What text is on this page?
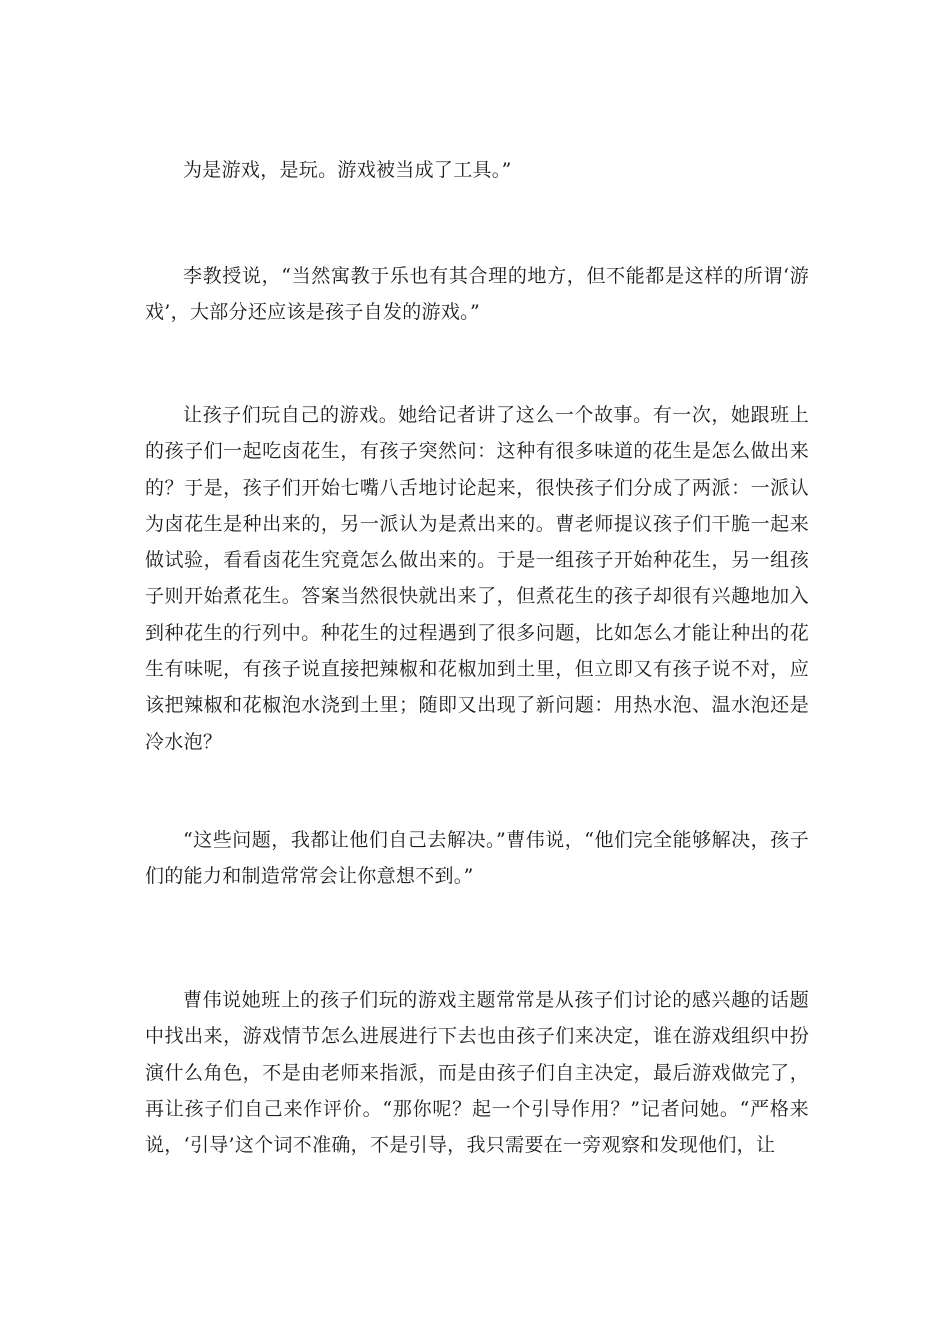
为是游戏，是玩。游戏被当成了工具。”

李教授说，“当然寓教于乐也有其合理的地方，但不能都是这样的所谓‘游戏’，大部分还应该是孩子自发的游戏。”

让孩子们玩自己的游戏。她给记者讲了这么一个故事。有一次，她跟班上的孩子们一起吃卤花生，有孩子突然问：这种有很多味道的花生是怎么做出来的？于是，孩子们开始七嘴八舌地讨论起来，很快孩子们分成了两派：一派认为卤花生是种出来的，另一派认为是煮出来的。曹老师提议孩子们干脆一起来做试验，看看卤花生究竟怎么做出来的。于是一组孩子开始种花生，另一组孩子则开始煮花生。答案当然很快就出来了，但煮花生的孩子却很有兴趣地加入到种花生的行列中。种花生的过程遇到了很多问题，比如怎么才能让种出的花生有味呢，有孩子说直接把辣椒和花椒加到土里，但立即又有孩子说不对，应该把辣椒和花椒泡水浇到土里；随即又出现了新问题：用热水泡、温水泡还是冷水泡？

“这些问题，我都让他们自己去解决。”曹伟说，“他们完全能够解决，孩子们的能力和制造常常会让你意想不到。”

曹伟说她班上的孩子们玩的游戏主题常常是从孩子们讨论的感兴趣的话题中找出来，游戏情节怎么进展进行下去也由孩子们来决定，谁在游戏组织中扮演什么角色，不是由老师来指派，而是由孩子们自主决定，最后游戏做完了，再让孩子们自己来作评价。“那你呢？起一个引导作用？”记者问她。“严格来说，‘引导’这个词不准确，不是引导，我只需要在一旁观察和发现他们，让
